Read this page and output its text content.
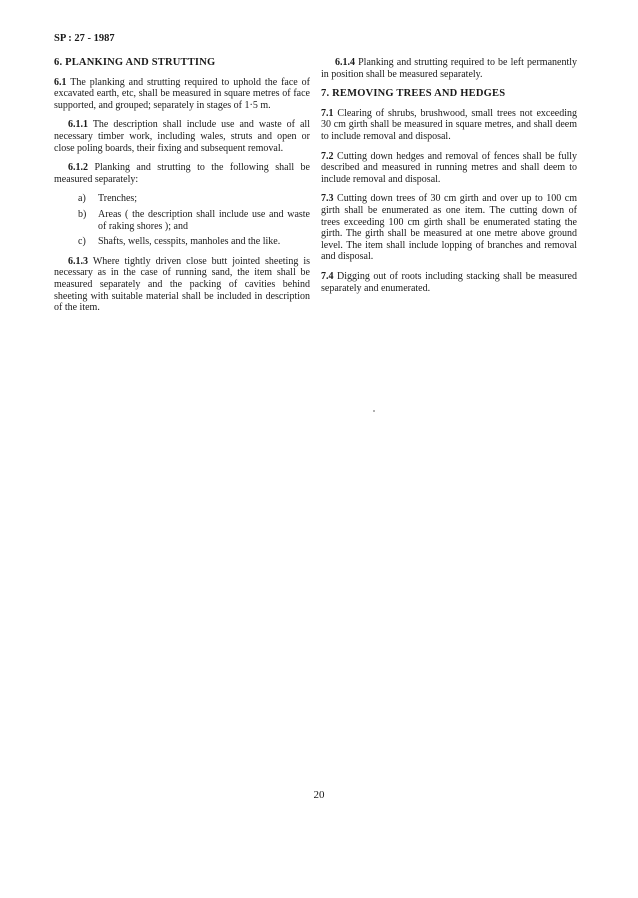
SP : 27 - 1987
6. PLANKING AND STRUTTING

6.1 The planking and strutting required to uphold the face of excavated earth, etc, shall be measured in square metres of face supported, and grouped; separately in stages of 1·5 m.

6.1.1 The description shall include use and waste of all necessary timber work, including wales, struts and open or close poling boards, their fixing and subsequent removal.

6.1.2 Planking and strutting to the following shall be measured separately:

a)	Trenches;
b)	Areas ( the description shall include use and waste of raking shores ); and
c)	Shafts, wells, cesspits, manholes and the like.

6.1.3 Where tightly driven close butt jointed sheeting is necessary as in the case of running sand, the item shall be measured separately and the packing of cavities behind sheeting with suitable material shall be included in description of the item.

6.1.4 Planking and strutting required to be left permanently in position shall be measured separately.

7. REMOVING TREES AND HEDGES

7.1 Clearing of shrubs, brushwood, small trees not exceeding 30 cm girth shall be measured in square metres, and shall deem to include removal and disposal.

7.2 Cutting down hedges and removal of fences shall be fully described and measured in running metres and shall deem to include removal and disposal.

7.3 Cutting down trees of 30 cm girth and over up to 100 cm girth shall be enumerated as one item. The cutting down of trees exceeding 100 cm girth shall be enumerated stating the girth. The girth shall be measured at one metre above ground level. The item shall include lopping of branches and removal and disposal.

7.4 Digging out of roots including stacking shall be measured separately and enumerated.

20
